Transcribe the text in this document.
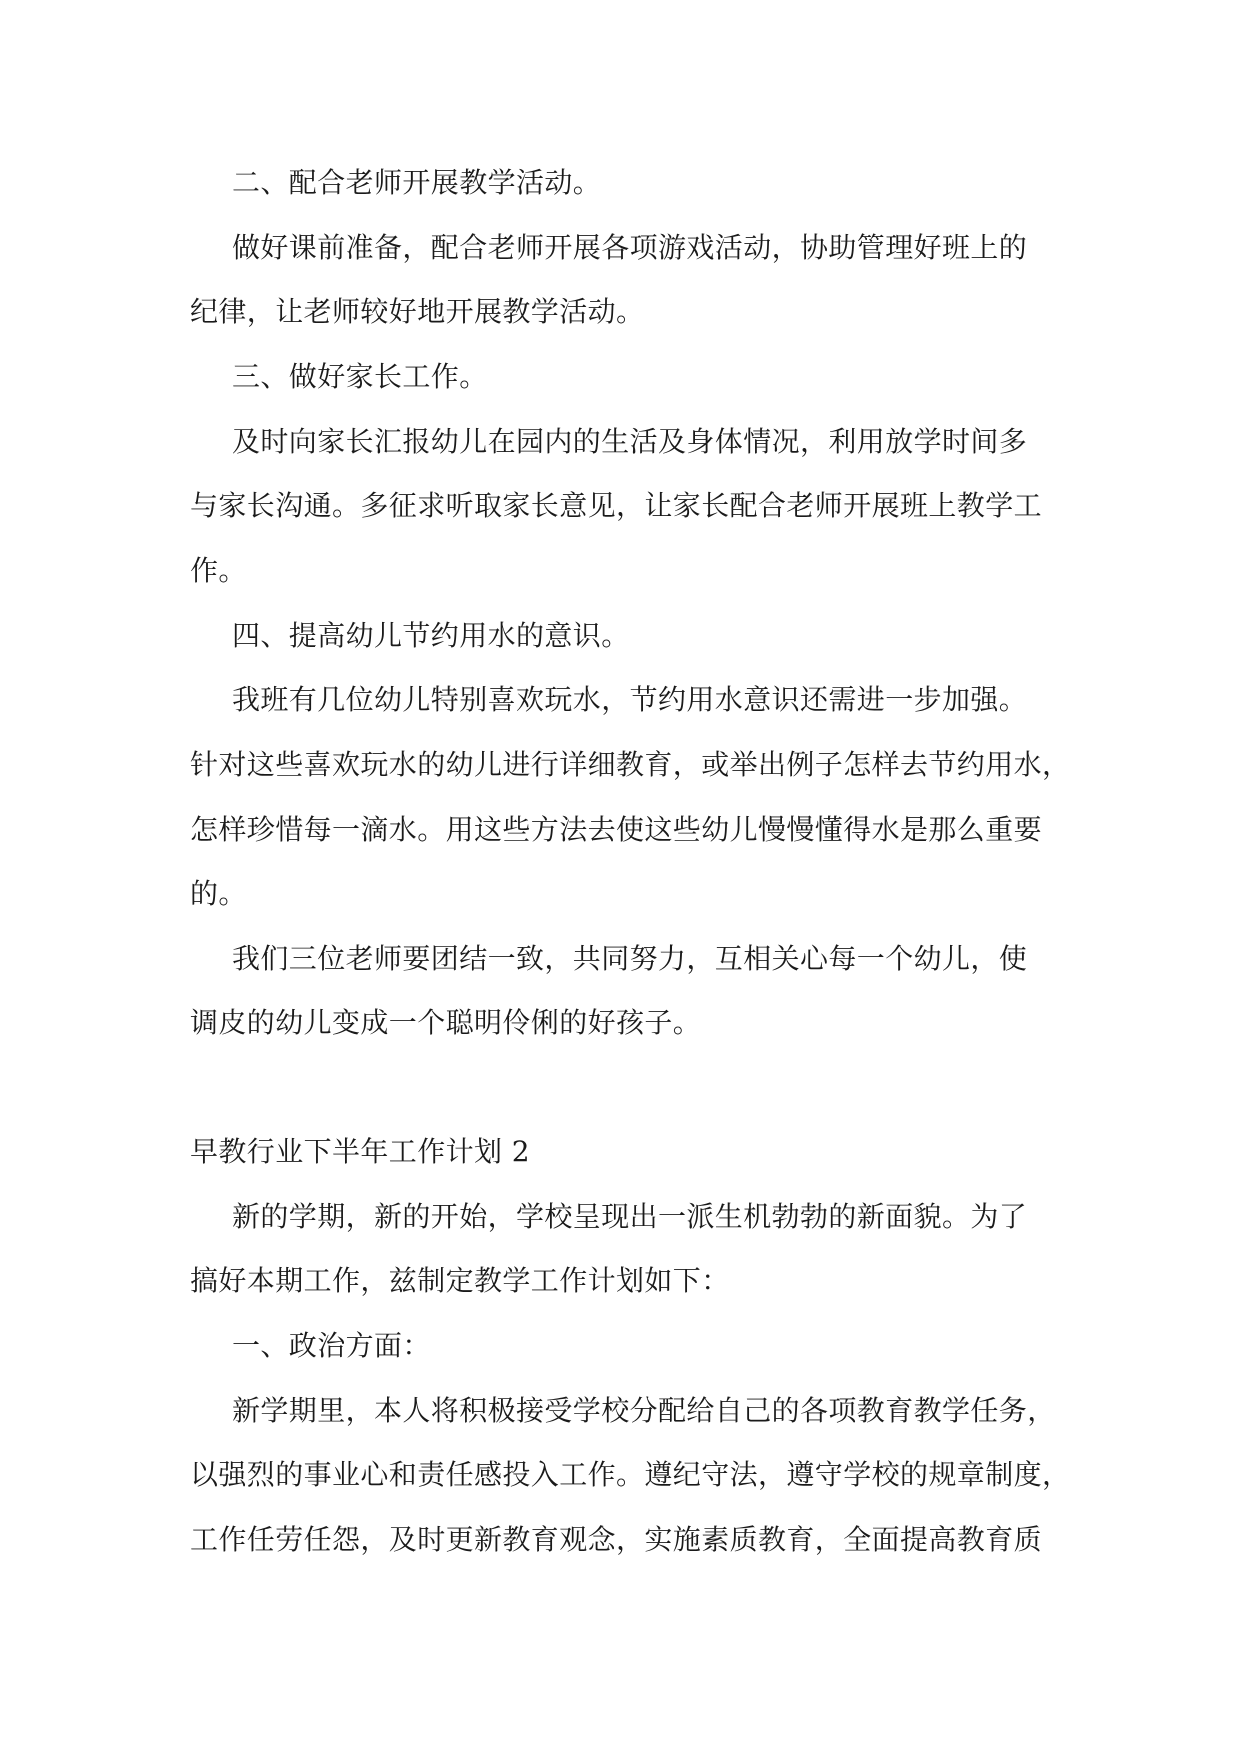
二、配合老师开展教学活动。

做好课前准备，配合老师开展各项游戏活动，协助管理好班上的

纪律，让老师较好地开展教学活动。

三、做好家长工作。

及时向家长汇报幼儿在园内的生活及身体情况，利用放学时间多

与家长沟通。多征求听取家长意见，让家长配合老师开展班上教学工

作。

四、提高幼儿节约用水的意识。

我班有几位幼儿特别喜欢玩水，节约用水意识还需进一步加强。

针对这些喜欢玩水的幼儿进行详细教育，或举出例子怎样去节约用水，

怎样珍惜每一滴水。用这些方法去使这些幼儿慢慢懂得水是那么重要

的。

我们三位老师要团结一致，共同努力，互相关心每一个幼儿，使

调皮的幼儿变成一个聪明伶俐的好孩子。

早教行业下半年工作计划 2

新的学期，新的开始，学校呈现出一派生机勃勃的新面貌。为了

搞好本期工作，兹制定教学工作计划如下：

一、政治方面：

新学期里，本人将积极接受学校分配给自己的各项教育教学任务，

以强烈的事业心和责任感投入工作。遵纪守法，遵守学校的规章制度，

工作任劳任怨，及时更新教育观念，实施素质教育，全面提高教育质
